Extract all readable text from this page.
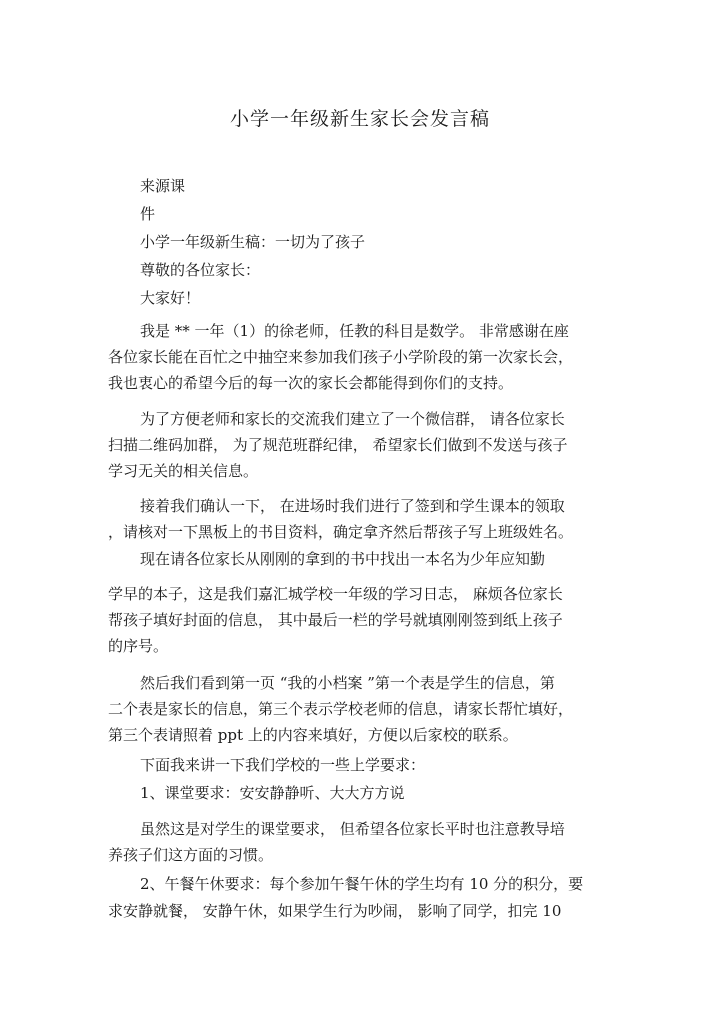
小学一年级新生家长会发言稿
来源课
件
小学一年级新生稿：一切为了孩子
尊敬的各位家长：
大家好！
我是 ** 一年（1）的徐老师，任教的科目是数学。 非常感谢在座
各位家长能在百忙之中抽空来参加我们孩子小学阶段的第一次家长会，
我也衷心的希望今后的每一次的家长会都能得到你们的支持。
为了方便老师和家长的交流我们建立了一个微信群， 请各位家长
扫描二维码加群， 为了规范班群纪律， 希望家长们做到不发送与孩子
学习无关的相关信息。
接着我们确认一下， 在进场时我们进行了签到和学生课本的领取
，请核对一下黑板上的书目资料，确定拿齐然后帮孩子写上班级姓名。
现在请各位家长从刚刚的拿到的书中找出一本名为少年应知勤
学早的本子，这是我们嘉汇城学校一年级的学习日志， 麻烦各位家长
帮孩子填好封面的信息， 其中最后一栏的学号就填刚刚签到纸上孩子
的序号。
然后我们看到第一页 “我的小档案 ”第一个表是学生的信息，第
二个表是家长的信息，第三个表示学校老师的信息，请家长帮忙填好，
第三个表请照着 ppt 上的内容来填好，方便以后家校的联系。
下面我来讲一下我们学校的一些上学要求：
1、课堂要求：安安静静听、大大方方说
虽然这是对学生的课堂要求， 但希望各位家长平时也注意教导培
养孩子们这方面的习惯。
2、午餐午休要求：每个参加午餐午休的学生均有 10 分的积分，要
求安静就餐， 安静午休，如果学生行为吵闹， 影响了同学，扣完 10
